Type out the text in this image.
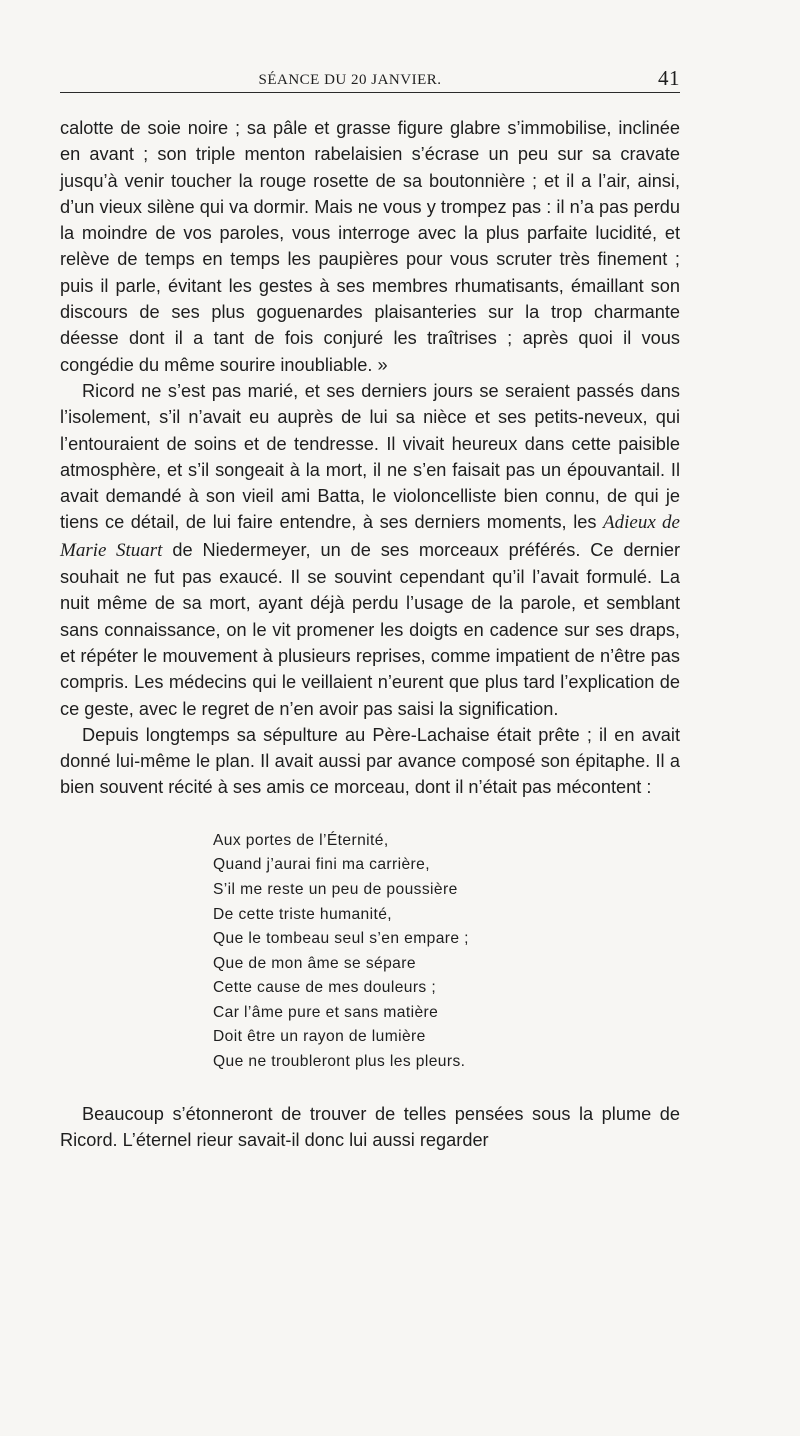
SÉANCE DU 20 JANVIER.	41

calotte de soie noire ; sa pâle et grasse figure glabre s’immobilise, inclinée en avant ; son triple menton rabelaisien s’écrase un peu sur sa cravate jusqu’à venir toucher la rouge rosette de sa boutonnière ; et il a l’air, ainsi, d’un vieux silène qui va dormir. Mais ne vous y trompez pas : il n’a pas perdu la moindre de vos paroles, vous interroge avec la plus parfaite lucidité, et relève de temps en temps les paupières pour vous scruter très finement ; puis il parle, évitant les gestes à ses membres rhumatisants, émaillant son discours de ses plus goguenardes plaisanteries sur la trop charmante déesse dont il a tant de fois conjuré les traîtrises ; après quoi il vous congédie du même sourire inoubliable. »

Ricord ne s’est pas marié, et ses derniers jours se seraient passés dans l’isolement, s’il n’avait eu auprès de lui sa nièce et ses petits-neveux, qui l’entouraient de soins et de tendresse. Il vivait heureux dans cette paisible atmosphère, et s’il songeait à la mort, il ne s’en faisait pas un épouvantail. Il avait demandé à son vieil ami Batta, le violoncelliste bien connu, de qui je tiens ce détail, de lui faire entendre, à ses derniers moments, les Adieux de Marie Stuart de Niedermeyer, un de ses morceaux préférés. Ce dernier souhait ne fut pas exaucé. Il se souvint cependant qu’il l’avait formulé. La nuit même de sa mort, ayant déjà perdu l’usage de la parole, et semblant sans connaissance, on le vit promener les doigts en cadence sur ses draps, et répéter le mouvement à plusieurs reprises, comme impatient de n’être pas compris. Les médecins qui le veillaient n’eurent que plus tard l’explication de ce geste, avec le regret de n’en avoir pas saisi la signification.

Depuis longtemps sa sépulture au Père-Lachaise était prête ; il en avait donné lui-même le plan. Il avait aussi par avance composé son épitaphe. Il a bien souvent récité à ses amis ce morceau, dont il n’était pas mécontent :

Aux portes de l’Éternité,
Quand j’aurai fini ma carrière,
S’il me reste un peu de poussière
De cette triste humanité,
Que le tombeau seul s’en empare ;
Que de mon âme se sépare
Cette cause de mes douleurs ;
Car l’âme pure et sans matière
Doit être un rayon de lumière
Que ne troubleront plus les pleurs.

Beaucoup s’étonneront de trouver de telles pensées sous la plume de Ricord. L’éternel rieur savait-il donc lui aussi regarder
